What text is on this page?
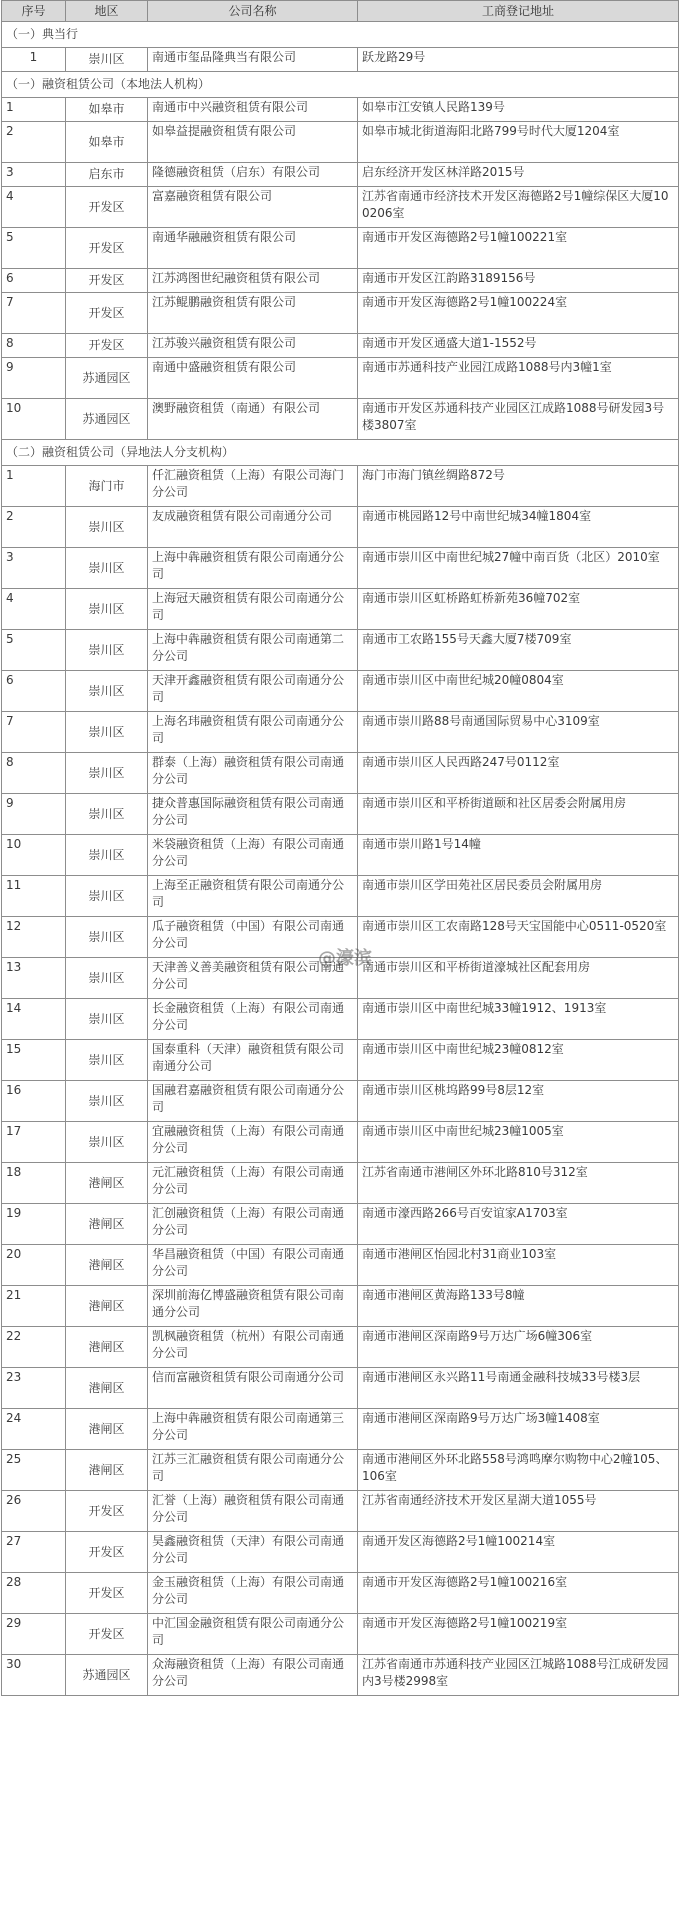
序号	地区	公司名称	工商登记地址
（一）典当行			
1	崇川区	南通市玺品隆典当有限公司	跃龙路29号
（一）融资租赁公司（本地法人机构）			
1	如皋市	南通市中兴融资租赁有限公司	如皋市江安镇人民路139号
2	如皋市	如皋益提融资租赁有限公司	如皋市城北街道海阳北路799号时代大厦1204室
3	启东市	隆德融资租赁（启东）有限公司	启东经济开发区林洋路2015号
4	开发区	富嘉融资租赁有限公司	江苏省南通市经济技术开发区海德路2号1幢综保区大厦100206室
5	开发区	南通华融融资租赁有限公司	南通市开发区海德路2号1幢100221室
6	开发区	江苏鸿图世纪融资租赁有限公司	南通市开发区江韵路3189156号
7	开发区	江苏鲲鹏融资租赁有限公司	南通市开发区海德路2号1幢100224室
8	开发区	江苏骏兴融资租赁有限公司	南通市开发区通盛大道1-1552号
9	苏通园区	南通中盛融资租赁有限公司	南通市苏通科技产业园江成路1088号内3幢1室
10	苏通园区	澳野融资租赁（南通）有限公司	南通市开发区苏通科技产业园区江成路1088号研发园3号楼3807室
（二）融资租赁公司（异地法人分支机构）			
1	海门市	仟汇融资租赁（上海）有限公司海门分公司	海门市海门镇丝绸路872号
2	崇川区	友成融资租赁有限公司南通分公司	南通市桃园路12号中南世纪城34幢1804室
3	崇川区	上海中犇融资租赁有限公司南通分公司	南通市崇川区中南世纪城27幢中南百货（北区）2010室
4	崇川区	上海冠天融资租赁有限公司南通分公司	南通市崇川区虹桥路虹桥新苑36幢702室
5	崇川区	上海中犇融资租赁有限公司南通第二分公司	南通市工农路155号天鑫大厦7楼709室
6	崇川区	天津开鑫融资租赁有限公司南通分公司	南通市崇川区中南世纪城20幢0804室
7	崇川区	上海名玮融资租赁有限公司南通分公司	南通市崇川路88号南通国际贸易中心3109室
8	崇川区	群泰（上海）融资租赁有限公司南通分公司	南通市崇川区人民西路247号0112室
9	崇川区	捷众普惠国际融资租赁有限公司南通分公司	南通市崇川区和平桥街道颐和社区居委会附属用房
10	崇川区	米袋融资租赁（上海）有限公司南通分公司	南通市崇川路1号14幢
11	崇川区	上海至正融资租赁有限公司南通分公司	南通市崇川区学田苑社区居民委员会附属用房
12	崇川区	瓜子融资租赁（中国）有限公司南通分公司	南通市崇川区工农南路128号天宝国能中心0511-0520室
13	崇川区	天津善义善美融资租赁有限公司南通分公司	南通市崇川区和平桥街道濠城社区配套用房
14	崇川区	长金融资租赁（上海）有限公司南通分公司	南通市崇川区中南世纪城33幢1912、1913室
15	崇川区	国泰重科（天津）融资租赁有限公司南通分公司	南通市崇川区中南世纪城23幢0812室
16	崇川区	国融君嘉融资租赁有限公司南通分公司	南通市崇川区桃坞路99号8层12室
17	崇川区	宜融融资租赁（上海）有限公司南通分公司	南通市崇川区中南世纪城23幢1005室
18	港闸区	元汇融资租赁（上海）有限公司南通分公司	江苏省南通市港闸区外环北路810号312室
19	港闸区	汇创融资租赁（上海）有限公司南通分公司	南通市濠西路266号百安谊家A1703室
20	港闸区	华昌融资租赁（中国）有限公司南通分公司	南通市港闸区怡园北村31商业103室
21	港闸区	深圳前海亿博盛融资租赁有限公司南通分公司	南通市港闸区黄海路133号8幢
22	港闸区	凯枫融资租赁（杭州）有限公司南通分公司	南通市港闸区深南路9号万达广场6幢306室
23	港闸区	信而富融资租赁有限公司南通分公司	南通市港闸区永兴路11号南通金融科技城33号楼3层
24	港闸区	上海中犇融资租赁有限公司南通第三分公司	南通市港闸区深南路9号万达广场3幢1408室
25	港闸区	江苏三汇融资租赁有限公司南通分公司	南通市港闸区外环北路558号鸿鸣摩尔购物中心2幢105、106室
26	开发区	汇誉（上海）融资租赁有限公司南通分公司	江苏省南通经济技术开发区星湖大道1055号
27	开发区	昊鑫融资租赁（天津）有限公司南通分公司	南通开发区海德路2号1幢100214室
28	开发区	金玉融资租赁（上海）有限公司南通分公司	南通市开发区海德路2号1幢100216室
29	开发区	中汇国金融资租赁有限公司南通分公司	南通市开发区海德路2号1幢100219室
30	苏通园区	众海融资租赁（上海）有限公司南通分公司	江苏省南通市苏通科技产业园区江城路1088号江成研发园内3号楼2998室
@濠滨
